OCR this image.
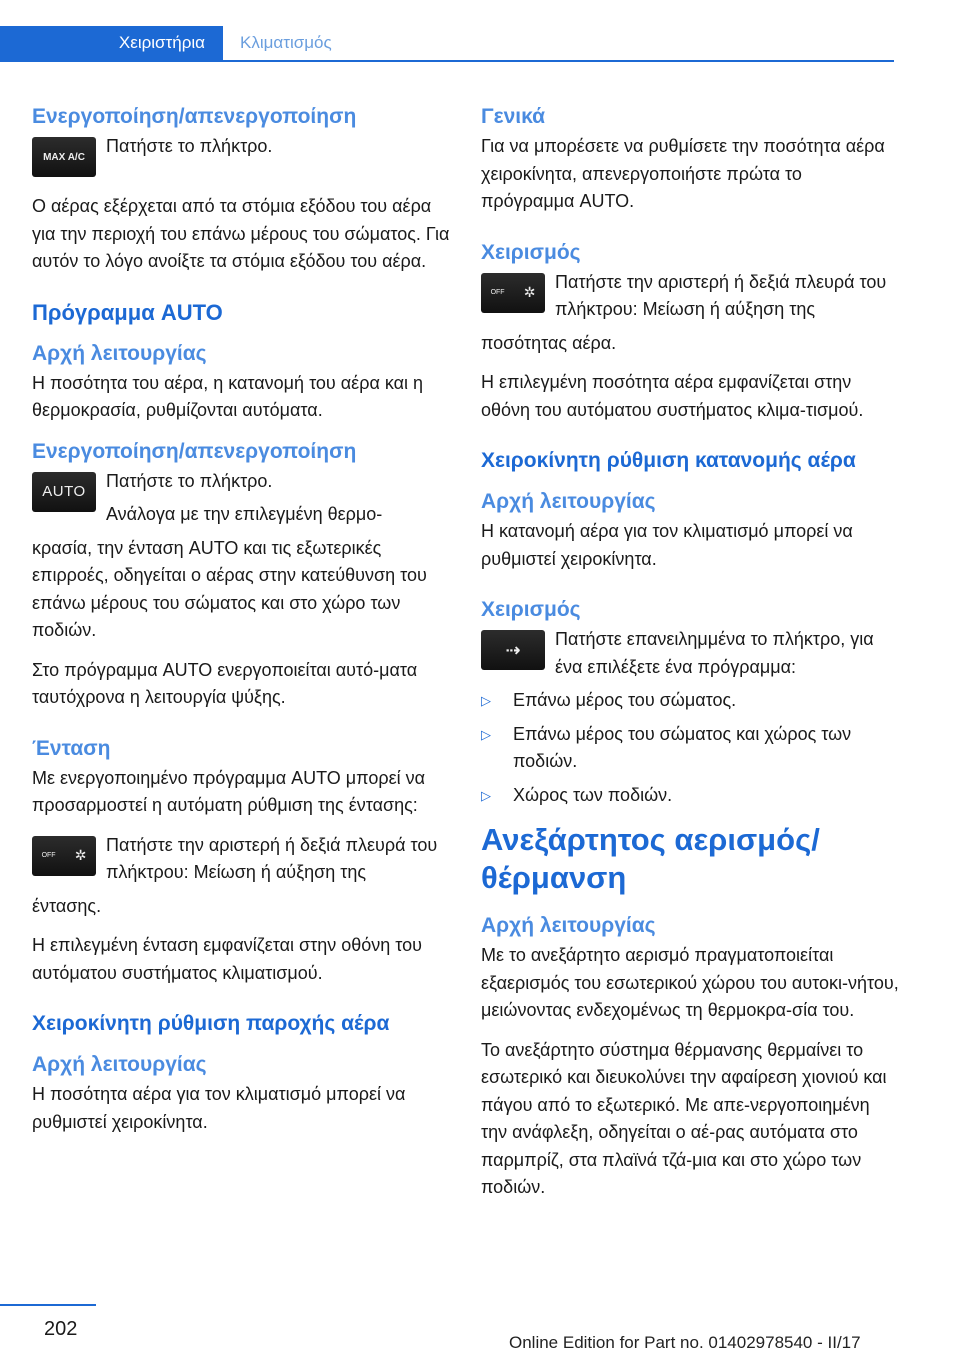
Χειριστήρια	Κλιματισμός
Ενεργοποίηση/απενεργοποίηση
MAX A/C
Πατήστε το πλήκτρο.
Ο αέρας εξέρχεται από τα στόμια εξόδου του αέρα για την περιοχή του επάνω μέρους του σώματος. Για αυτόν το λόγο ανοίξτε τα στόμια εξόδου του αέρα.
Πρόγραμμα AUTO
Αρχή λειτουργίας
Η ποσότητα του αέρα, η κατανομή του αέρα και η θερμοκρασία, ρυθμίζονται αυτόματα.
Ενεργοποίηση/απενεργοποίηση
AUTO
Πατήστε το πλήκτρο.
Ανάλογα με την επιλεγμένη θερμο-
κρασία, την ένταση AUTO και τις εξωτερικές επιρροές, οδηγείται ο αέρας στην κατεύθυνση του επάνω μέρους του σώματος και στο χώρο των ποδιών.
Στο πρόγραμμα AUTO ενεργοποιείται αυτό-ματα ταυτόχρονα η λειτουργία ψύξης.
Ένταση
Με ενεργοποιημένο πρόγραμμα AUTO μπορεί να προσαρμοστεί η αυτόματη ρύθμιση της έντασης:
OFF ✲
Πατήστε την αριστερή ή δεξιά πλευρά του πλήκτρου: Μείωση ή αύξηση της
έντασης.
Η επιλεγμένη ένταση εμφανίζεται στην οθόνη του αυτόματου συστήματος κλιματισμού.
Χειροκίνητη ρύθμιση παροχής αέρα
Αρχή λειτουργίας
Η ποσότητα αέρα για τον κλιματισμό μπορεί να ρυθμιστεί χειροκίνητα.
Γενικά
Για να μπορέσετε να ρυθμίσετε την ποσότητα αέρα χειροκίνητα, απενεργοποιήστε πρώτα το πρόγραμμα AUTO.
Χειρισμός
OFF ✲
Πατήστε την αριστερή ή δεξιά πλευρά του πλήκτρου: Μείωση ή αύξηση της
ποσότητας αέρα.
Η επιλεγμένη ποσότητα αέρα εμφανίζεται στην οθόνη του αυτόματου συστήματος κλιμα-τισμού.
Χειροκίνητη ρύθμιση κατανομής αέρα
Αρχή λειτουργίας
Η κατανομή αέρα για τον κλιματισμό μπορεί να ρυθμιστεί χειροκίνητα.
Χειρισμός
⇢
Πατήστε επανειλημμένα το πλήκτρο, για ένα επιλέξετε ένα πρόγραμμα:
▷	Επάνω μέρος του σώματος.
▷	Επάνω μέρος του σώματος και χώρος των ποδιών.
▷	Χώρος των ποδιών.
Ανεξάρτητος αερισμός/θέρμανση
Αρχή λειτουργίας
Με το ανεξάρτητο αερισμό πραγματοποιείται εξαερισμός του εσωτερικού χώρου του αυτοκι-νήτου, μειώνοντας ενδεχομένως τη θερμοκρα-σία του.
Το ανεξάρτητο σύστημα θέρμανσης θερμαίνει το εσωτερικό και διευκολύνει την αφαίρεση χιονιού και πάγου από το εξωτερικό. Με απε-νεργοποιημένη την ανάφλεξη, οδηγείται ο αέ-ρας αυτόματα στο παρμπρίζ, στα πλαϊνά τζά-μια και στο χώρο των ποδιών.
202
Online Edition for Part no. 01402978540 - II/17
